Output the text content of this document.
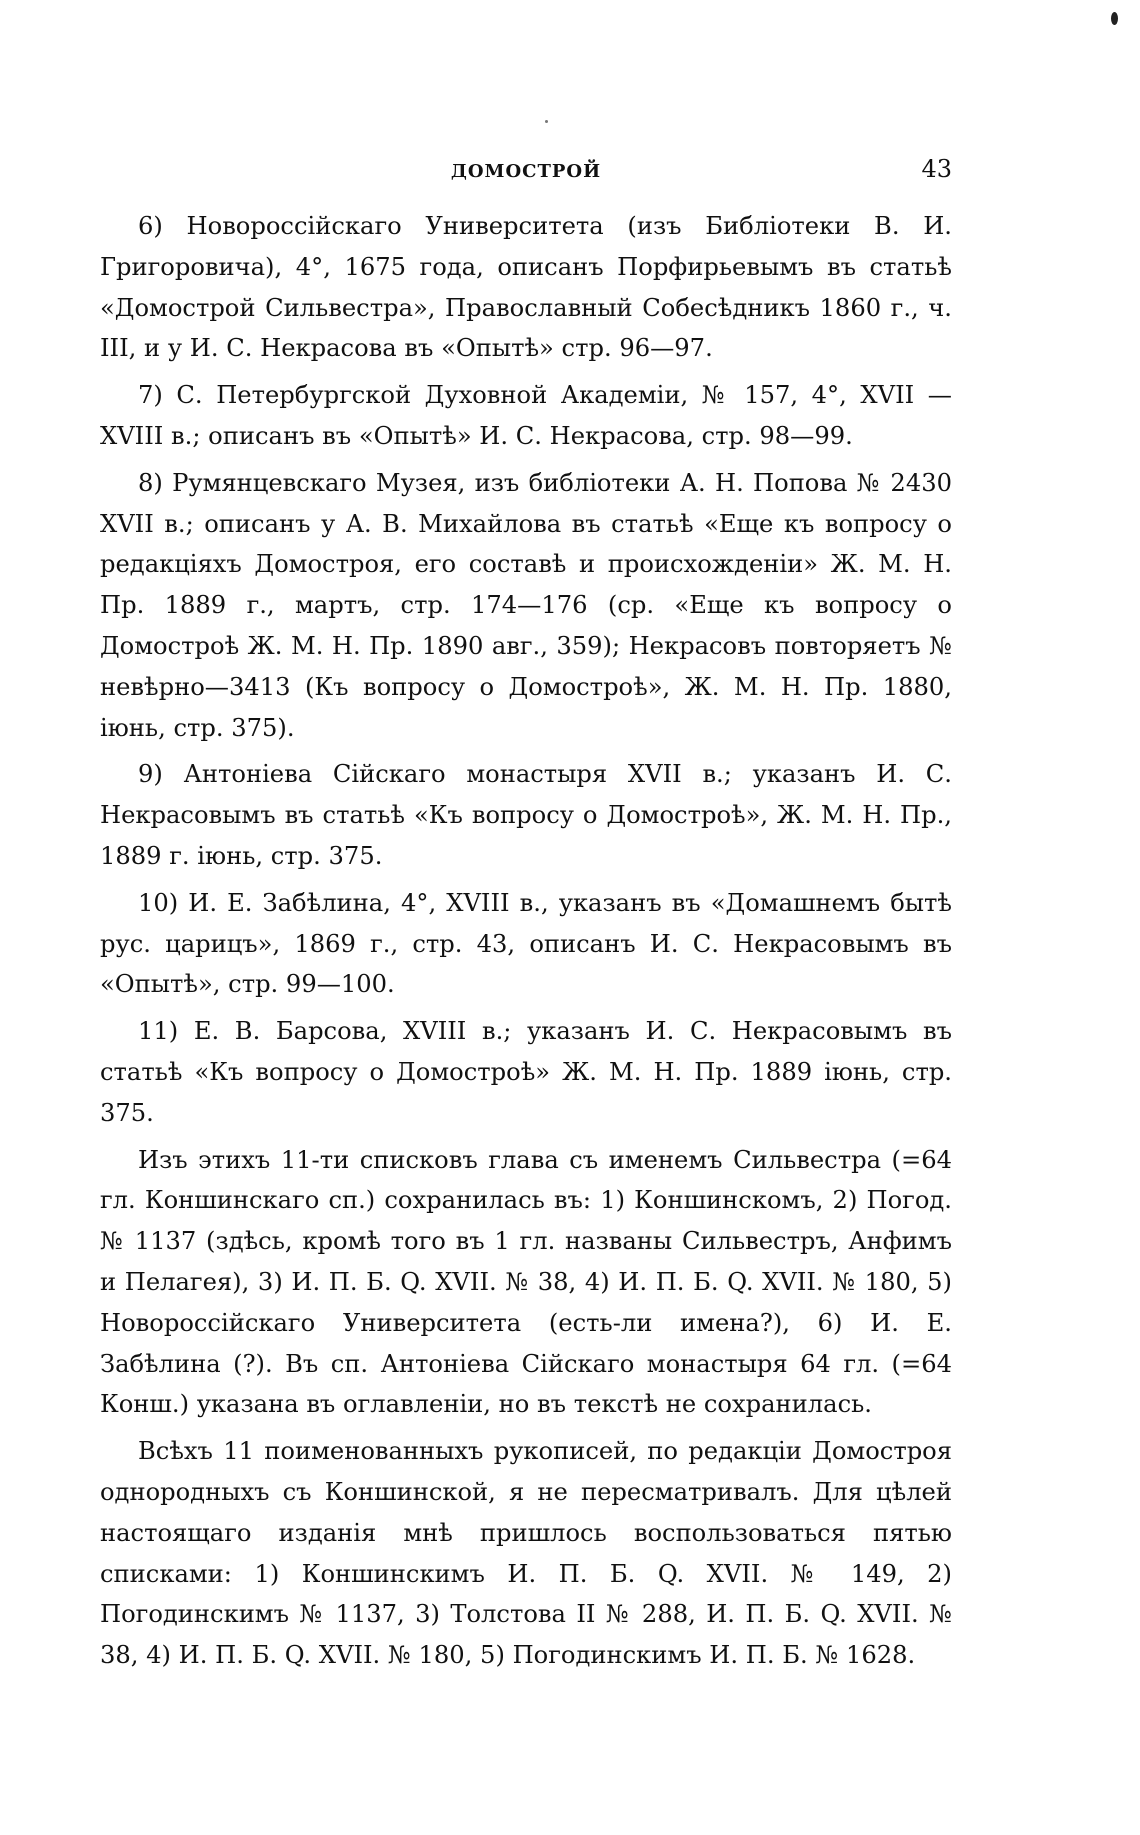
ДОМОСТРОЙ	43

6) Новороссійскаго Университета (изъ Библіотеки В. И. Григоровича), 4°, 1675 года, описанъ Порфирьевымъ въ статьѣ «Домострой Сильвестра», Православный Собесѣдникъ 1860 г., ч. III, и у И. С. Некрасова въ «Опытѣ» стр. 96—97.

7) С. Петербургской Духовной Академіи, № 157, 4°, XVII —XVIII в.; описанъ въ «Опытѣ» И. С. Некрасова, стр. 98—99.

8) Румянцевскаго Музея, изъ библіотеки А. Н. Попова № 2430 XVII в.; описанъ у А. В. Михайлова въ статьѣ «Еще къ вопросу о редакціяхъ Домостроя, его составѣ и происхожденіи» Ж. М. Н. Пр. 1889 г., мартъ, стр. 174—176 (ср. «Еще къ вопросу о Домостроѣ Ж. М. Н. Пр. 1890 авг., 359); Некрасовъ повторяетъ № невѣрно—3413 (Къ вопросу о Домостроѣ», Ж. М. Н. Пр. 1880, іюнь, стр. 375).

9) Антоніева Сійскаго монастыря XVII в.; указанъ И. С. Некрасовымъ въ статьѣ «Къ вопросу о Домостроѣ», Ж. М. Н. Пр., 1889 г. іюнь, стр. 375.

10) И. Е. Забѣлина, 4°, XVIII в., указанъ въ «Домашнемъ бытѣ рус. царицъ», 1869 г., стр. 43, описанъ И. С. Некрасовымъ въ «Опытѣ», стр. 99—100.

11) Е. В. Барсова, XVIII в.; указанъ И. С. Некрасовымъ въ статьѣ «Къ вопросу о Домостроѣ» Ж. М. Н. Пр. 1889 іюнь, стр. 375.

Изъ этихъ 11-ти списковъ глава съ именемъ Сильвестра (=64 гл. Коншинскаго сп.) сохранилась въ: 1) Коншинскомъ, 2) Погод. № 1137 (здѣсь, кромѣ того въ 1 гл. названы Сильвестръ, Анфимъ и Пелагея), 3) И. П. Б. Q. XVII. № 38, 4) И. П. Б. Q. XVII. № 180, 5) Новороссійскаго Университета (есть-ли имена?), 6) И. Е. Забѣлина (?). Въ сп. Антоніева Сійскаго монастыря 64 гл. (=64 Конш.) указана въ оглавленіи, но въ текстѣ не сохранилась.

Всѣхъ 11 поименованныхъ рукописей, по редакціи Домостроя однородныхъ съ Коншинской, я не пересматривалъ. Для цѣлей настоящаго изданія мнѣ пришлось воспользоваться пятью списками: 1) Коншинскимъ И. П. Б. Q. XVII. № 149, 2) Погодинскимъ № 1137, 3) Толстова II № 288, И. П. Б. Q. XVII. № 38, 4) И. П. Б. Q. XVII. № 180, 5) Погодинскимъ И. П. Б. № 1628.
